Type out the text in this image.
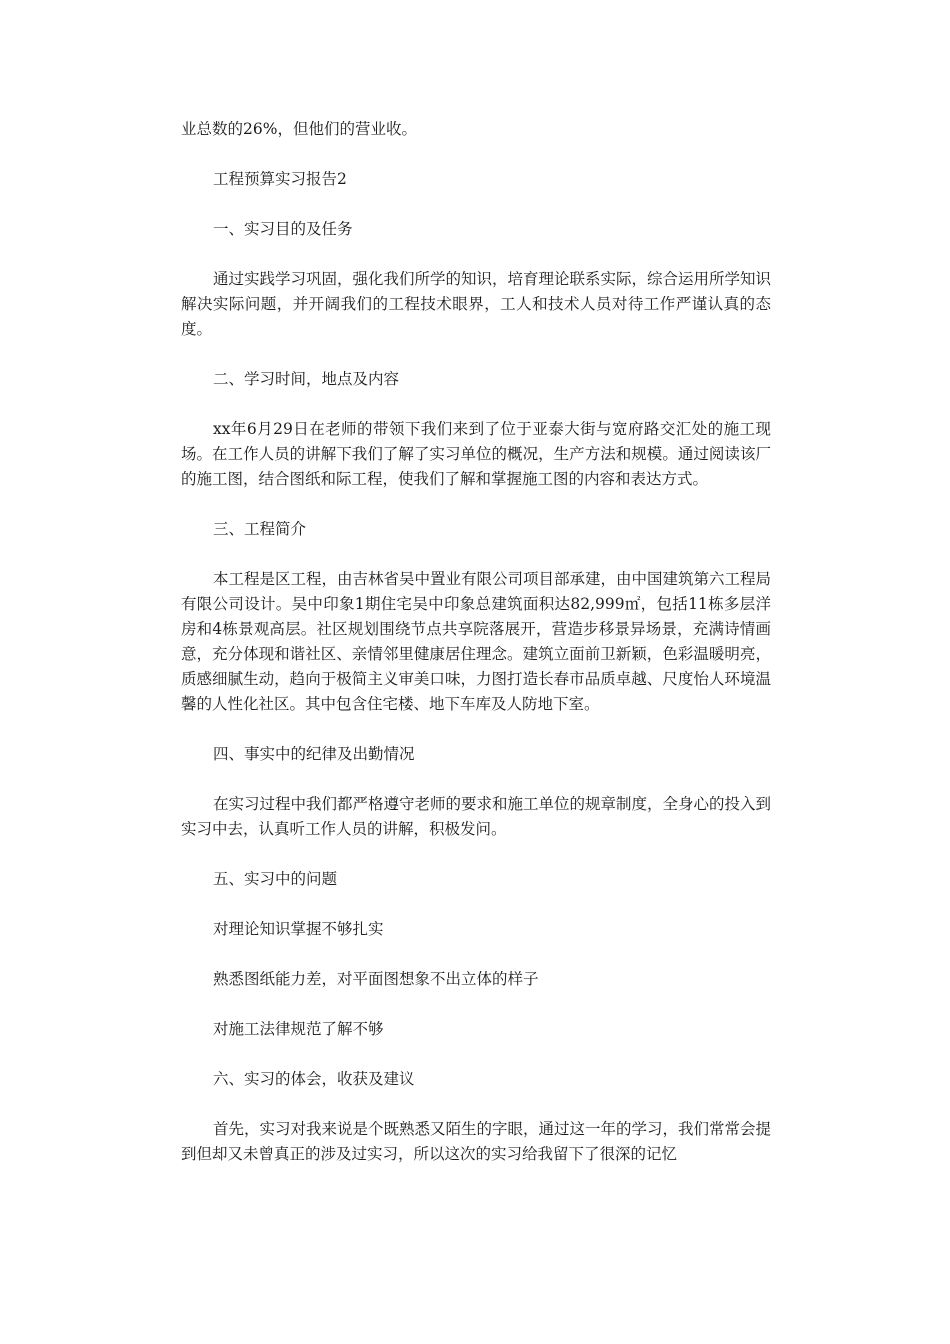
业总数的26%，但他们的营业收。

工程预算实习报告2

一、实习目的及任务

通过实践学习巩固，强化我们所学的知识，培育理论联系实际，综合运用所学知识解决实际问题，并开阔我们的工程技术眼界，工人和技术人员对待工作严谨认真的态度。

二、学习时间，地点及内容

xx年6月29日在老师的带领下我们来到了位于亚泰大街与宽府路交汇处的施工现场。在工作人员的讲解下我们了解了实习单位的概况，生产方法和规模。通过阅读该厂的施工图，结合图纸和际工程，使我们了解和掌握施工图的内容和表达方式。

三、工程简介

本工程是区工程，由吉林省吴中置业有限公司项目部承建，由中国建筑第六工程局有限公司设计。吴中印象1期住宅吴中印象总建筑面积达82,999㎡，包括11栋多层洋房和4栋景观高层。社区规划围绕节点共享院落展开，营造步移景异场景，充满诗情画意，充分体现和谐社区、亲情邻里健康居住理念。建筑立面前卫新颖，色彩温暖明亮，质感细腻生动，趋向于极简主义审美口味，力图打造长春市品质卓越、尺度怡人环境温馨的人性化社区。其中包含住宅楼、地下车库及人防地下室。

四、事实中的纪律及出勤情况

在实习过程中我们都严格遵守老师的要求和施工单位的规章制度，全身心的投入到实习中去，认真听工作人员的讲解，积极发问。

五、实习中的问题

对理论知识掌握不够扎实

熟悉图纸能力差，对平面图想象不出立体的样子

对施工法律规范了解不够

六、实习的体会，收获及建议

首先，实习对我来说是个既熟悉又陌生的字眼，通过这一年的学习，我们常常会提到但却又未曾真正的涉及过实习，所以这次的实习给我留下了很深的记忆
